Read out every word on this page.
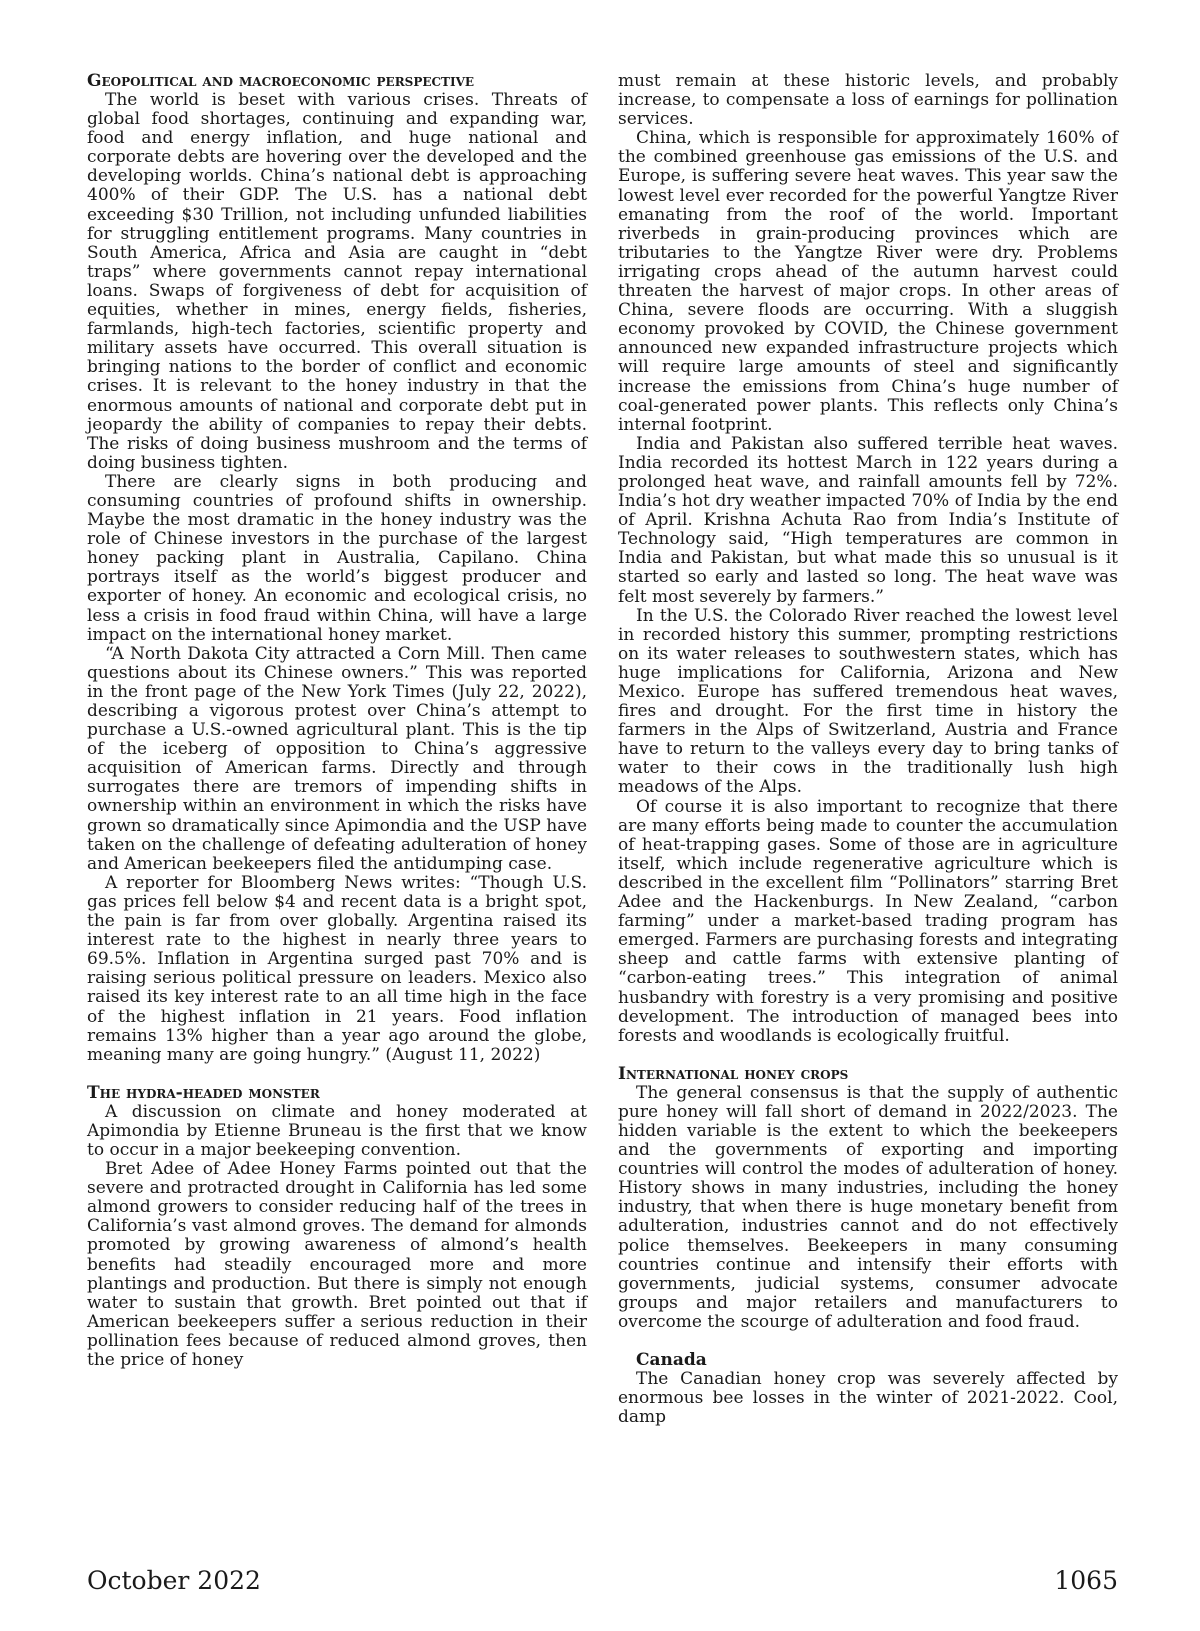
Geopolitical and macroeconomic perspective

The world is beset with various crises. Threats of global food shortages, continuing and expanding war, food and energy inflation, and huge national and corporate debts are hovering over the developed and the developing worlds. China’s national debt is approaching 400% of their GDP. The U.S. has a national debt exceeding $30 Trillion, not including unfunded liabilities for struggling entitlement programs. Many countries in South America, Africa and Asia are caught in “debt traps” where governments cannot repay international loans. Swaps of forgiveness of debt for acquisition of equities, whether in mines, energy fields, fisheries, farmlands, high-tech factories, scientific property and military assets have occurred. This overall situation is bringing nations to the border of conflict and economic crises. It is relevant to the honey industry in that the enormous amounts of national and corporate debt put in jeopardy the ability of companies to repay their debts. The risks of doing business mushroom and the terms of doing business tighten.

There are clearly signs in both producing and consuming countries of profound shifts in ownership. Maybe the most dramatic in the honey industry was the role of Chinese investors in the purchase of the largest honey packing plant in Australia, Capilano. China portrays itself as the world’s biggest producer and exporter of honey. An economic and ecological crisis, no less a crisis in food fraud within China, will have a large impact on the international honey market.

“A North Dakota City attracted a Corn Mill. Then came questions about its Chinese owners.” This was reported in the front page of the New York Times (July 22, 2022), describing a vigorous protest over China’s attempt to purchase a U.S.-owned agricultural plant. This is the tip of the iceberg of opposition to China’s aggressive acquisition of American farms. Directly and through surrogates there are tremors of impending shifts in ownership within an environment in which the risks have grown so dramatically since Apimondia and the USP have taken on the challenge of defeating adulteration of honey and American beekeepers filed the antidumping case.

A reporter for Bloomberg News writes: “Though U.S. gas prices fell below $4 and recent data is a bright spot, the pain is far from over globally. Argentina raised its interest rate to the highest in nearly three years to 69.5%. Inflation in Argentina surged past 70% and is raising serious political pressure on leaders. Mexico also raised its key interest rate to an all time high in the face of the highest inflation in 21 years. Food inflation remains 13% higher than a year ago around the globe, meaning many are going hungry.” (August 11, 2022)

The hydra-headed monster

A discussion on climate and honey moderated at Apimondia by Etienne Bruneau is the first that we know to occur in a major beekeeping convention.

Bret Adee of Adee Honey Farms pointed out that the severe and protracted drought in California has led some almond growers to consider reducing half of the trees in California’s vast almond groves. The demand for almonds promoted by growing awareness of almond’s health benefits had steadily encouraged more and more plantings and production. But there is simply not enough water to sustain that growth. Bret pointed out that if American beekeepers suffer a serious reduction in their pollination fees because of reduced almond groves, then the price of honey

must remain at these historic levels, and probably increase, to compensate a loss of earnings for pollination services.

China, which is responsible for approximately 160% of the combined greenhouse gas emissions of the U.S. and Europe, is suffering severe heat waves. This year saw the lowest level ever recorded for the powerful Yangtze River emanating from the roof of the world. Important riverbeds in grain-producing provinces which are tributaries to the Yangtze River were dry. Problems irrigating crops ahead of the autumn harvest could threaten the harvest of major crops. In other areas of China, severe floods are occurring. With a sluggish economy provoked by COVID, the Chinese government announced new expanded infrastructure projects which will require large amounts of steel and significantly increase the emissions from China’s huge number of coal-generated power plants. This reflects only China’s internal footprint.

India and Pakistan also suffered terrible heat waves. India recorded its hottest March in 122 years during a prolonged heat wave, and rainfall amounts fell by 72%. India’s hot dry weather impacted 70% of India by the end of April. Krishna Achuta Rao from India’s Institute of Technology said, “High temperatures are common in India and Pakistan, but what made this so unusual is it started so early and lasted so long. The heat wave was felt most severely by farmers.”

In the U.S. the Colorado River reached the lowest level in recorded history this summer, prompting restrictions on its water releases to southwestern states, which has huge implications for California, Arizona and New Mexico. Europe has suffered tremendous heat waves, fires and drought. For the first time in history the farmers in the Alps of Switzerland, Austria and France have to return to the valleys every day to bring tanks of water to their cows in the traditionally lush high meadows of the Alps.

Of course it is also important to recognize that there are many efforts being made to counter the accumulation of heat-trapping gases. Some of those are in agriculture itself, which include regenerative agriculture which is described in the excellent film “Pollinators” starring Bret Adee and the Hackenburgs. In New Zealand, “carbon farming” under a market-based trading program has emerged. Farmers are purchasing forests and integrating sheep and cattle farms with extensive planting of “carbon-eating trees.” This integration of animal husbandry with forestry is a very promising and positive development. The introduction of managed bees into forests and woodlands is ecologically fruitful.

International honey crops

The general consensus is that the supply of authentic pure honey will fall short of demand in 2022/2023. The hidden variable is the extent to which the beekeepers and the governments of exporting and importing countries will control the modes of adulteration of honey. History shows in many industries, including the honey industry, that when there is huge monetary benefit from adulteration, industries cannot and do not effectively police themselves. Beekeepers in many consuming countries continue and intensify their efforts with governments, judicial systems, consumer advocate groups and major retailers and manufacturers to overcome the scourge of adulteration and food fraud.

Canada

The Canadian honey crop was severely affected by enormous bee losses in the winter of 2021-2022. Cool, damp

October 2022	1065
